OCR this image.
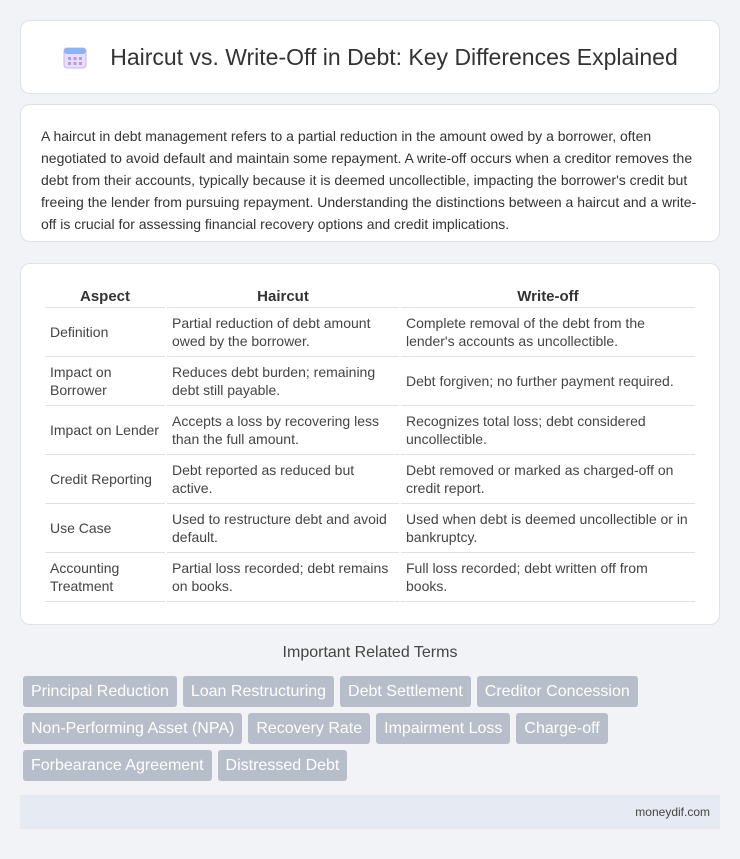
Haircut vs. Write-Off in Debt: Key Differences Explained

A haircut in debt management refers to a partial reduction in the amount owed by a borrower, often negotiated to avoid default and maintain some repayment. A write-off occurs when a creditor removes the debt from their accounts, typically because it is deemed uncollectible, impacting the borrower's credit but freeing the lender from pursuing repayment. Understanding the distinctions between a haircut and a write-off is crucial for assessing financial recovery options and credit implications.

Aspect	Haircut	Write-off
Definition	Partial reduction of debt amount owed by the borrower.	Complete removal of the debt from the lender's accounts as uncollectible.
Impact on Borrower	Reduces debt burden; remaining debt still payable.	Debt forgiven; no further payment required.
Impact on Lender	Accepts a loss by recovering less than the full amount.	Recognizes total loss; debt considered uncollectible.
Credit Reporting	Debt reported as reduced but active.	Debt removed or marked as charged-off on credit report.
Use Case	Used to restructure debt and avoid default.	Used when debt is deemed uncollectible or in bankruptcy.
Accounting Treatment	Partial loss recorded; debt remains on books.	Full loss recorded; debt written off from books.
Important Related Terms
Principal Reduction	Loan Restructuring	Debt Settlement	Creditor Concession
Non-Performing Asset (NPA)	Recovery Rate	Impairment Loss	Charge-off
Forbearance Agreement	Distressed Debt
moneydif.com
